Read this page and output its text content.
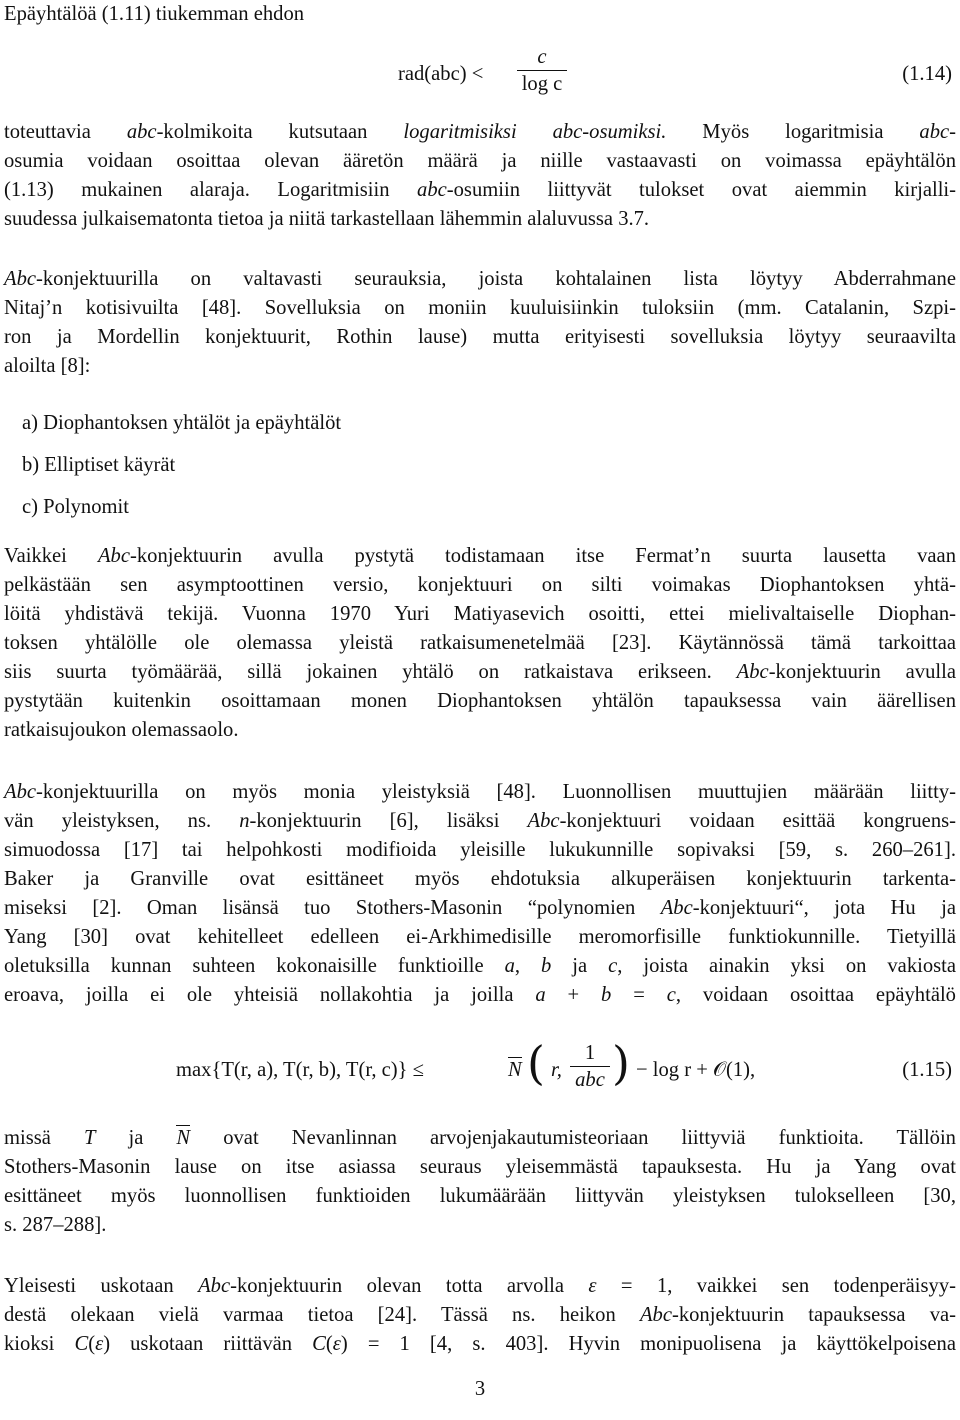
Epäyhtälöä (1.11) tiukemman ehdon
$rad(abc) < \frac{c}{\text{log c}}$	(1.14)
toteuttavia abc-kolmikoita kutsutaan logaritmisiksi abc-osumiksi. Myös logaritmisia abc-
osumia voidaan osoittaa olevan ääretön määrä ja niille vastaavasti on voimassa epäyhtälön
(1.13) mukainen alaraja. Logaritmisiin abc-osumiin liittyvät tulokset ovat aiemmin kirjalli-
suudessa julkaisematonta tietoa ja niitä tarkastellaan lähemmin alaluvussa 3.7.
Abc-konjektuurilla on valtavasti seurauksia, joista kohtalainen lista löytyy Abderrahmane
Nitaj’n kotisivuilta [48]. Sovelluksia on moniin kuuluisiinkin tuloksiin (mm. Catalanin, Szpi-
ron ja Mordellin konjektuurit, Rothin lause) mutta erityisesti sovelluksia löytyy seuraavilta
aloilta [8]:
a) Diophantoksen yhtälöt ja epäyhtälöt
b) Elliptiset käyrät
c) Polynomit
Vaikkei Abc-konjektuurin avulla pystytä todistamaan itse Fermat’n suurta lausetta vaan
pelkästään sen asymptoottinen versio, konjektuuri on silti voimakas Diophantoksen yhtä-
löitä yhdistävä tekijä. Vuonna 1970 Yuri Matiyasevich osoitti, ettei mielivaltaiselle Diophan-
toksen yhtälölle ole olemassa yleistä ratkaisumenetelmää [23]. Käytännössä tämä tarkoittaa
siis suurta työmäärää, sillä jokainen yhtälö on ratkaistava erikseen. Abc-konjektuurin avulla
pystytään kuitenkin osoittamaan monen Diophantoksen yhtälön tapauksessa vain äärellisen
ratkaisujoukon olemassaolo.
Abc-konjektuurilla on myös monia yleistyksiä [48]. Luonnollisen muuttujien määrään liitty-
vän yleistyksen, ns. n-konjektuurin [6], lisäksi Abc-konjektuuri voidaan esittää kongruens-
simuodossa [17] tai helpohkosti modifioida yleisille lukukunnille sopivaksi [59, s. 260–261].
Baker ja Granville ovat esittäneet myös ehdotuksia alkuperäisen konjektuurin tarkenta-
miseksi [2]. Oman lisänsä tuo Stothers-Masonin “polynomien Abc-konjektuuri“, jota Hu ja
Yang [30] ovat kehitelleet edelleen ei-Arkhimedisille meromorfisille funktiokunnille. Tietyillä
oletuksilla kunnan suhteen kokonaisille funktioille a, b ja c, joista ainakin yksi on vakiosta
eroava, joilla ei ole yhteisiä nollakohtia ja joilla a + b = c, voidaan osoittaa epäyhtälö
max{T(r, a), T(r, b), T(r, c)} ≤	N ( r,
1
abc ) − log r + 𝒪(1),	(1.15)
missä T ja N ovat Nevanlinnan arvojenjakautumisteoriaan liittyviä funktioita. Tällöin
Stothers-Masonin lause on itse asiassa seuraus yleisemmästä tapauksesta. Hu ja Yang ovat
esittäneet myös luonnollisen funktioiden lukumäärään liittyvän yleistyksen tulokselleen [30,
s. 287–288].
Yleisesti uskotaan Abc-konjektuurin olevan totta arvolla ε = 1, vaikkei sen todenperäisyy-
destä olekaan vielä varmaa tietoa [24]. Tässä ns. heikon Abc-konjektuurin tapauksessa va-
kioksi C(ε) uskotaan riittävän C(ε) = 1 [4, s. 403]. Hyvin monipuolisena ja käyttökelpoisena
3
